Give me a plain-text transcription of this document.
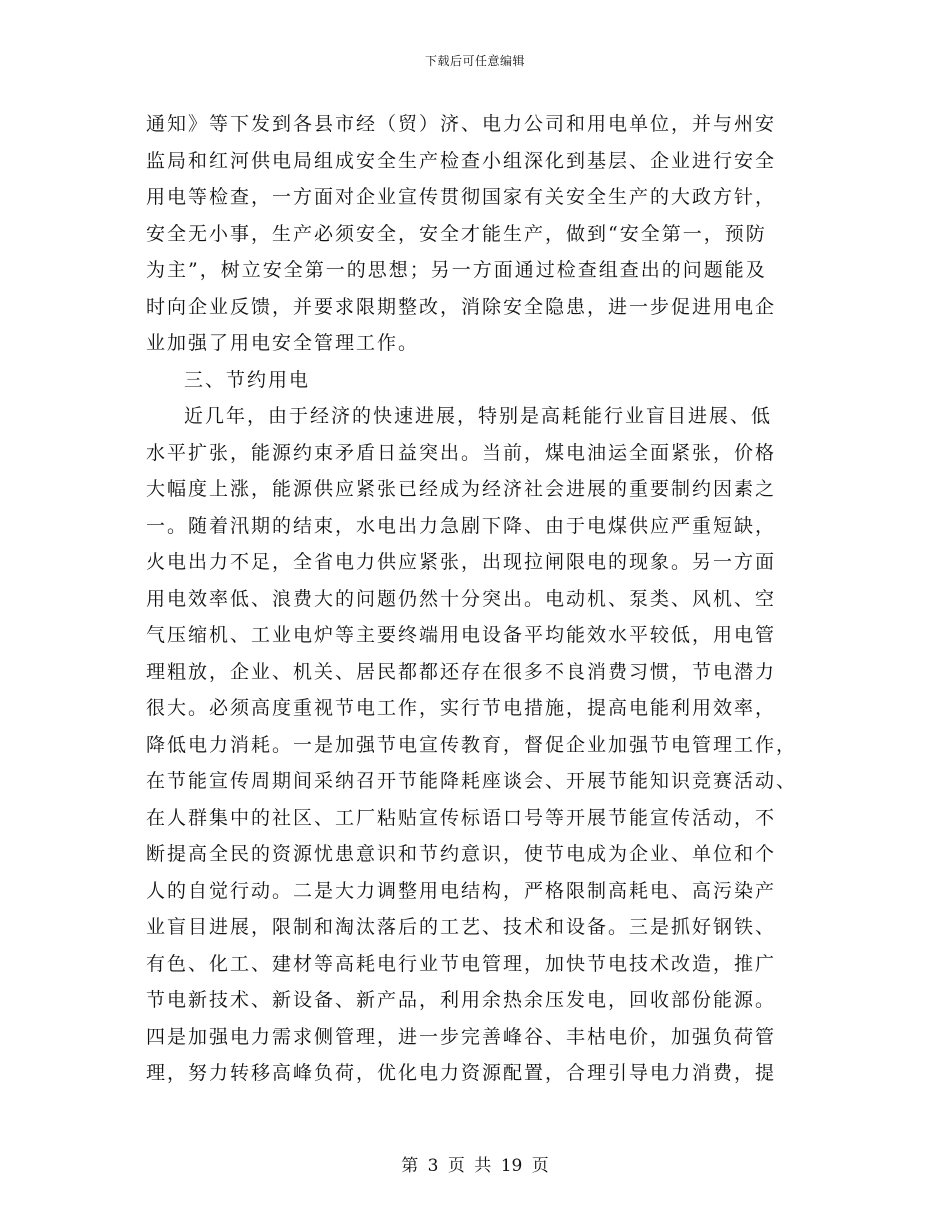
下载后可任意编辑
通知》等下发到各县市经（贸）济、电力公司和用电单位，并与州安
监局和红河供电局组成安全生产检查小组深化到基层、企业进行安全
用电等检查，一方面对企业宣传贯彻国家有关安全生产的大政方针，
安全无小事，生产必须安全，安全才能生产，做到“安全第一，预防
为主”，树立安全第一的思想；另一方面通过检查组查出的问题能及
时向企业反馈，并要求限期整改，消除安全隐患，进一步促进用电企
业加强了用电安全管理工作。
三、节约用电
近几年，由于经济的快速进展，特别是高耗能行业盲目进展、低
水平扩张，能源约束矛盾日益突出。当前，煤电油运全面紧张，价格
大幅度上涨，能源供应紧张已经成为经济社会进展的重要制约因素之
一。随着汛期的结束，水电出力急剧下降、由于电煤供应严重短缺，
火电出力不足，全省电力供应紧张，出现拉闸限电的现象。另一方面
用电效率低、浪费大的问题仍然十分突出。电动机、泵类、风机、空
气压缩机、工业电炉等主要终端用电设备平均能效水平较低，用电管
理粗放，企业、机关、居民都都还存在很多不良消费习惯，节电潜力
很大。必须高度重视节电工作，实行节电措施，提高电能利用效率，
降低电力消耗。一是加强节电宣传教育，督促企业加强节电管理工作，
在节能宣传周期间采纳召开节能降耗座谈会、开展节能知识竞赛活动、
在人群集中的社区、工厂粘贴宣传标语口号等开展节能宣传活动，不
断提高全民的资源忧患意识和节约意识，使节电成为企业、单位和个
人的自觉行动。二是大力调整用电结构，严格限制高耗电、高污染产
业盲目进展，限制和淘汰落后的工艺、技术和设备。三是抓好钢铁、
有色、化工、建材等高耗电行业节电管理，加快节电技术改造，推广
节电新技术、新设备、新产品，利用余热余压发电，回收部份能源。
四是加强电力需求侧管理，进一步完善峰谷、丰枯电价，加强负荷管
理，努力转移高峰负荷，优化电力资源配置，合理引导电力消费，提
第 3 页 共 19 页
